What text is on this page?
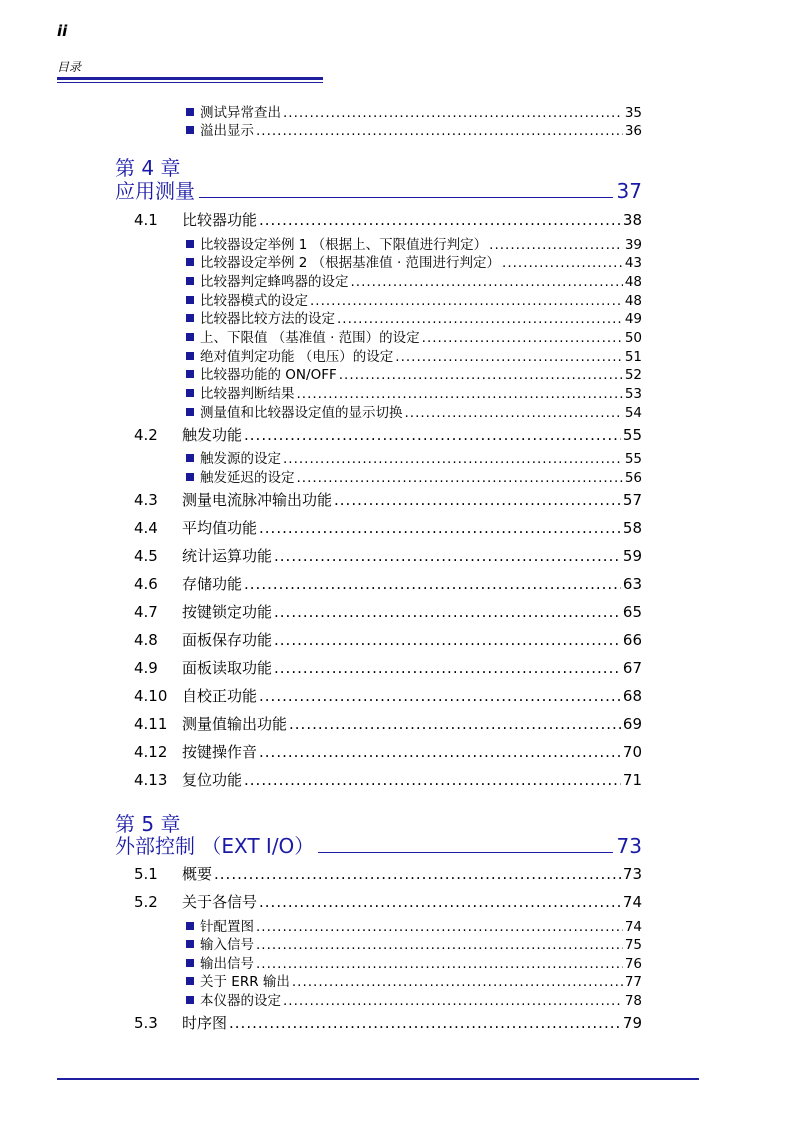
ii
目录
测试异常查出 .....	35
溢出显示 .....	36
第 4 章
应用测量	37
4.1	比较器功能 .....	38
比较器设定举例 1 （根据上、下限值进行判定） .....	39
比较器设定举例 2 （根据基准值 · 范围进行判定） .....	43
比较器判定蜂鸣器的设定 .....	48
比较器模式的设定 .....	48
比较器比较方法的设定 .....	49
上、下限值 （基准值 · 范围）的设定 .....	50
绝对值判定功能 （电压）的设定 .....	51
比较器功能的 ON/OFF .....	52
比较器判断结果 .....	53
测量值和比较器设定值的显示切换 .....	54
4.2	触发功能 .....	55
触发源的设定 .....	55
触发延迟的设定 .....	56
4.3	测量电流脉冲输出功能 .....	57
4.4	平均值功能 .....	58
4.5	统计运算功能 .....	59
4.6	存储功能 .....	63
4.7	按键锁定功能 .....	65
4.8	面板保存功能 .....	66
4.9	面板读取功能 .....	67
4.10 自校正功能 .....	68
4.11 测量值输出功能 .....	69
4.12 按键操作音 .....	70
4.13 复位功能 .....	71
第 5 章
外部控制 （EXT I/O）	73
5.1	概要 .....	73
5.2	关于各信号 .....	74
针配置图 .....	74
输入信号 .....	75
输出信号 .....	76
关于 ERR 输出 .....	77
本仪器的设定 .....	78
5.3	时序图 .....	79
